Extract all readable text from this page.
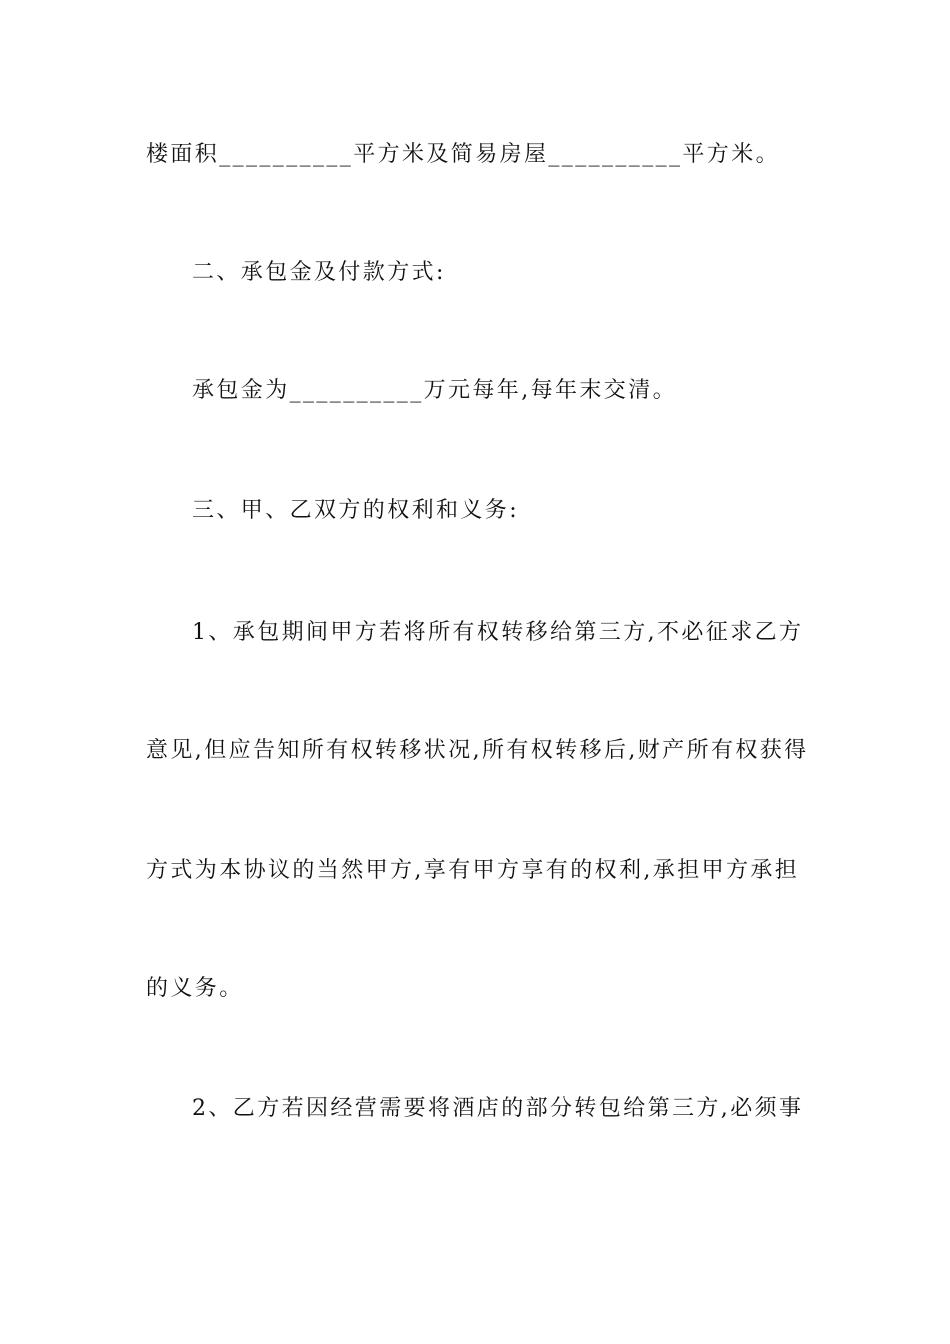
楼面积__________平方米及简易房屋__________平方米。
二、承包金及付款方式:
承包金为__________万元每年,每年末交清。
三、甲、乙双方的权利和义务:
1、承包期间甲方若将所有权转移给第三方,不必征求乙方
意见,但应告知所有权转移状况,所有权转移后,财产所有权获得
方式为本协议的当然甲方,享有甲方享有的权利,承担甲方承担
的义务。
2、乙方若因经营需要将酒店的部分转包给第三方,必须事
